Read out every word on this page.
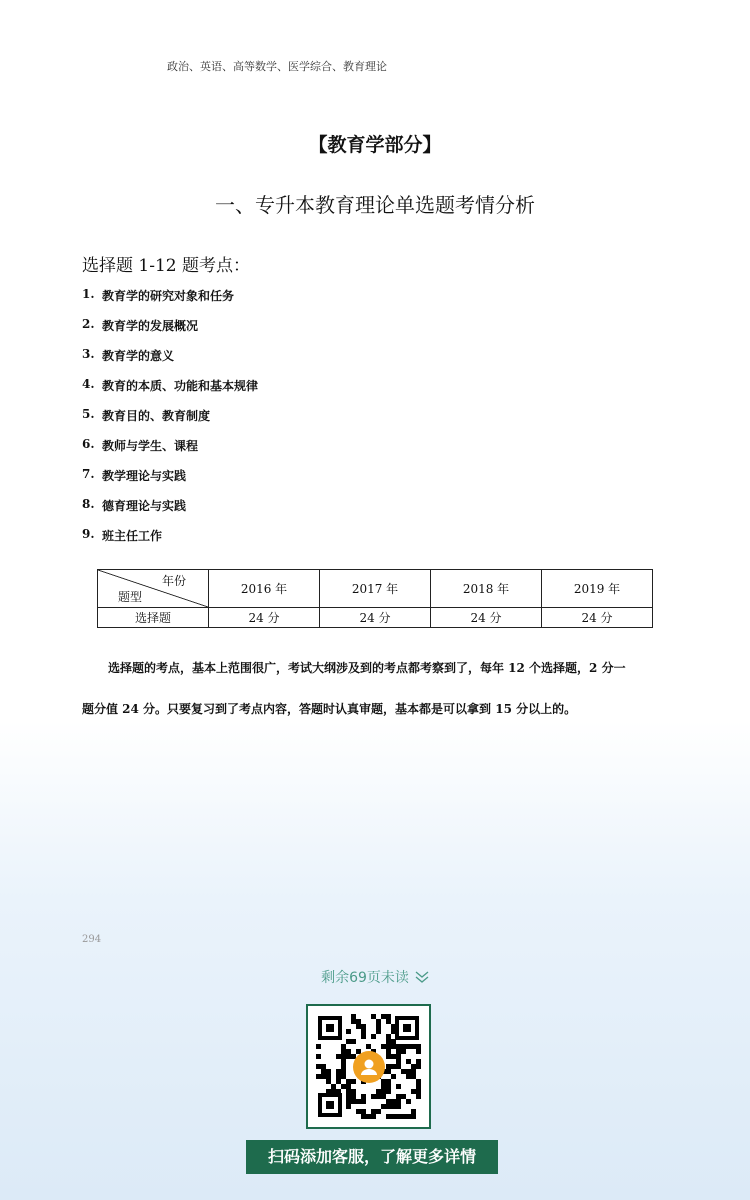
政治、英语、高等数学、医学综合、教育理论
【教育学部分】
一、专升本教育理论单选题考情分析
选择题 1-12 题考点：
1. 教育学的研究对象和任务
2. 教育学的发展概况
3. 教育学的意义
4. 教育的本质、功能和基本规律
5. 教育目的、教育制度
6. 教师与学生、课程
7. 教学理论与实践
8. 德育理论与实践
9. 班主任工作
年份
题型	2016 年	2017 年	2018 年	2019 年
选择题	24 分	24 分	24 分	24 分
选择题的考点，基本上范围很广，考试大纲涉及到的考点都考察到了，每年 12 个选择题，2 分一
题分值 24 分。只要复习到了考点内容，答题时认真审题，基本都是可以拿到 15 分以上的。
294
剩余69页未读
扫码添加客服，了解更多详情
